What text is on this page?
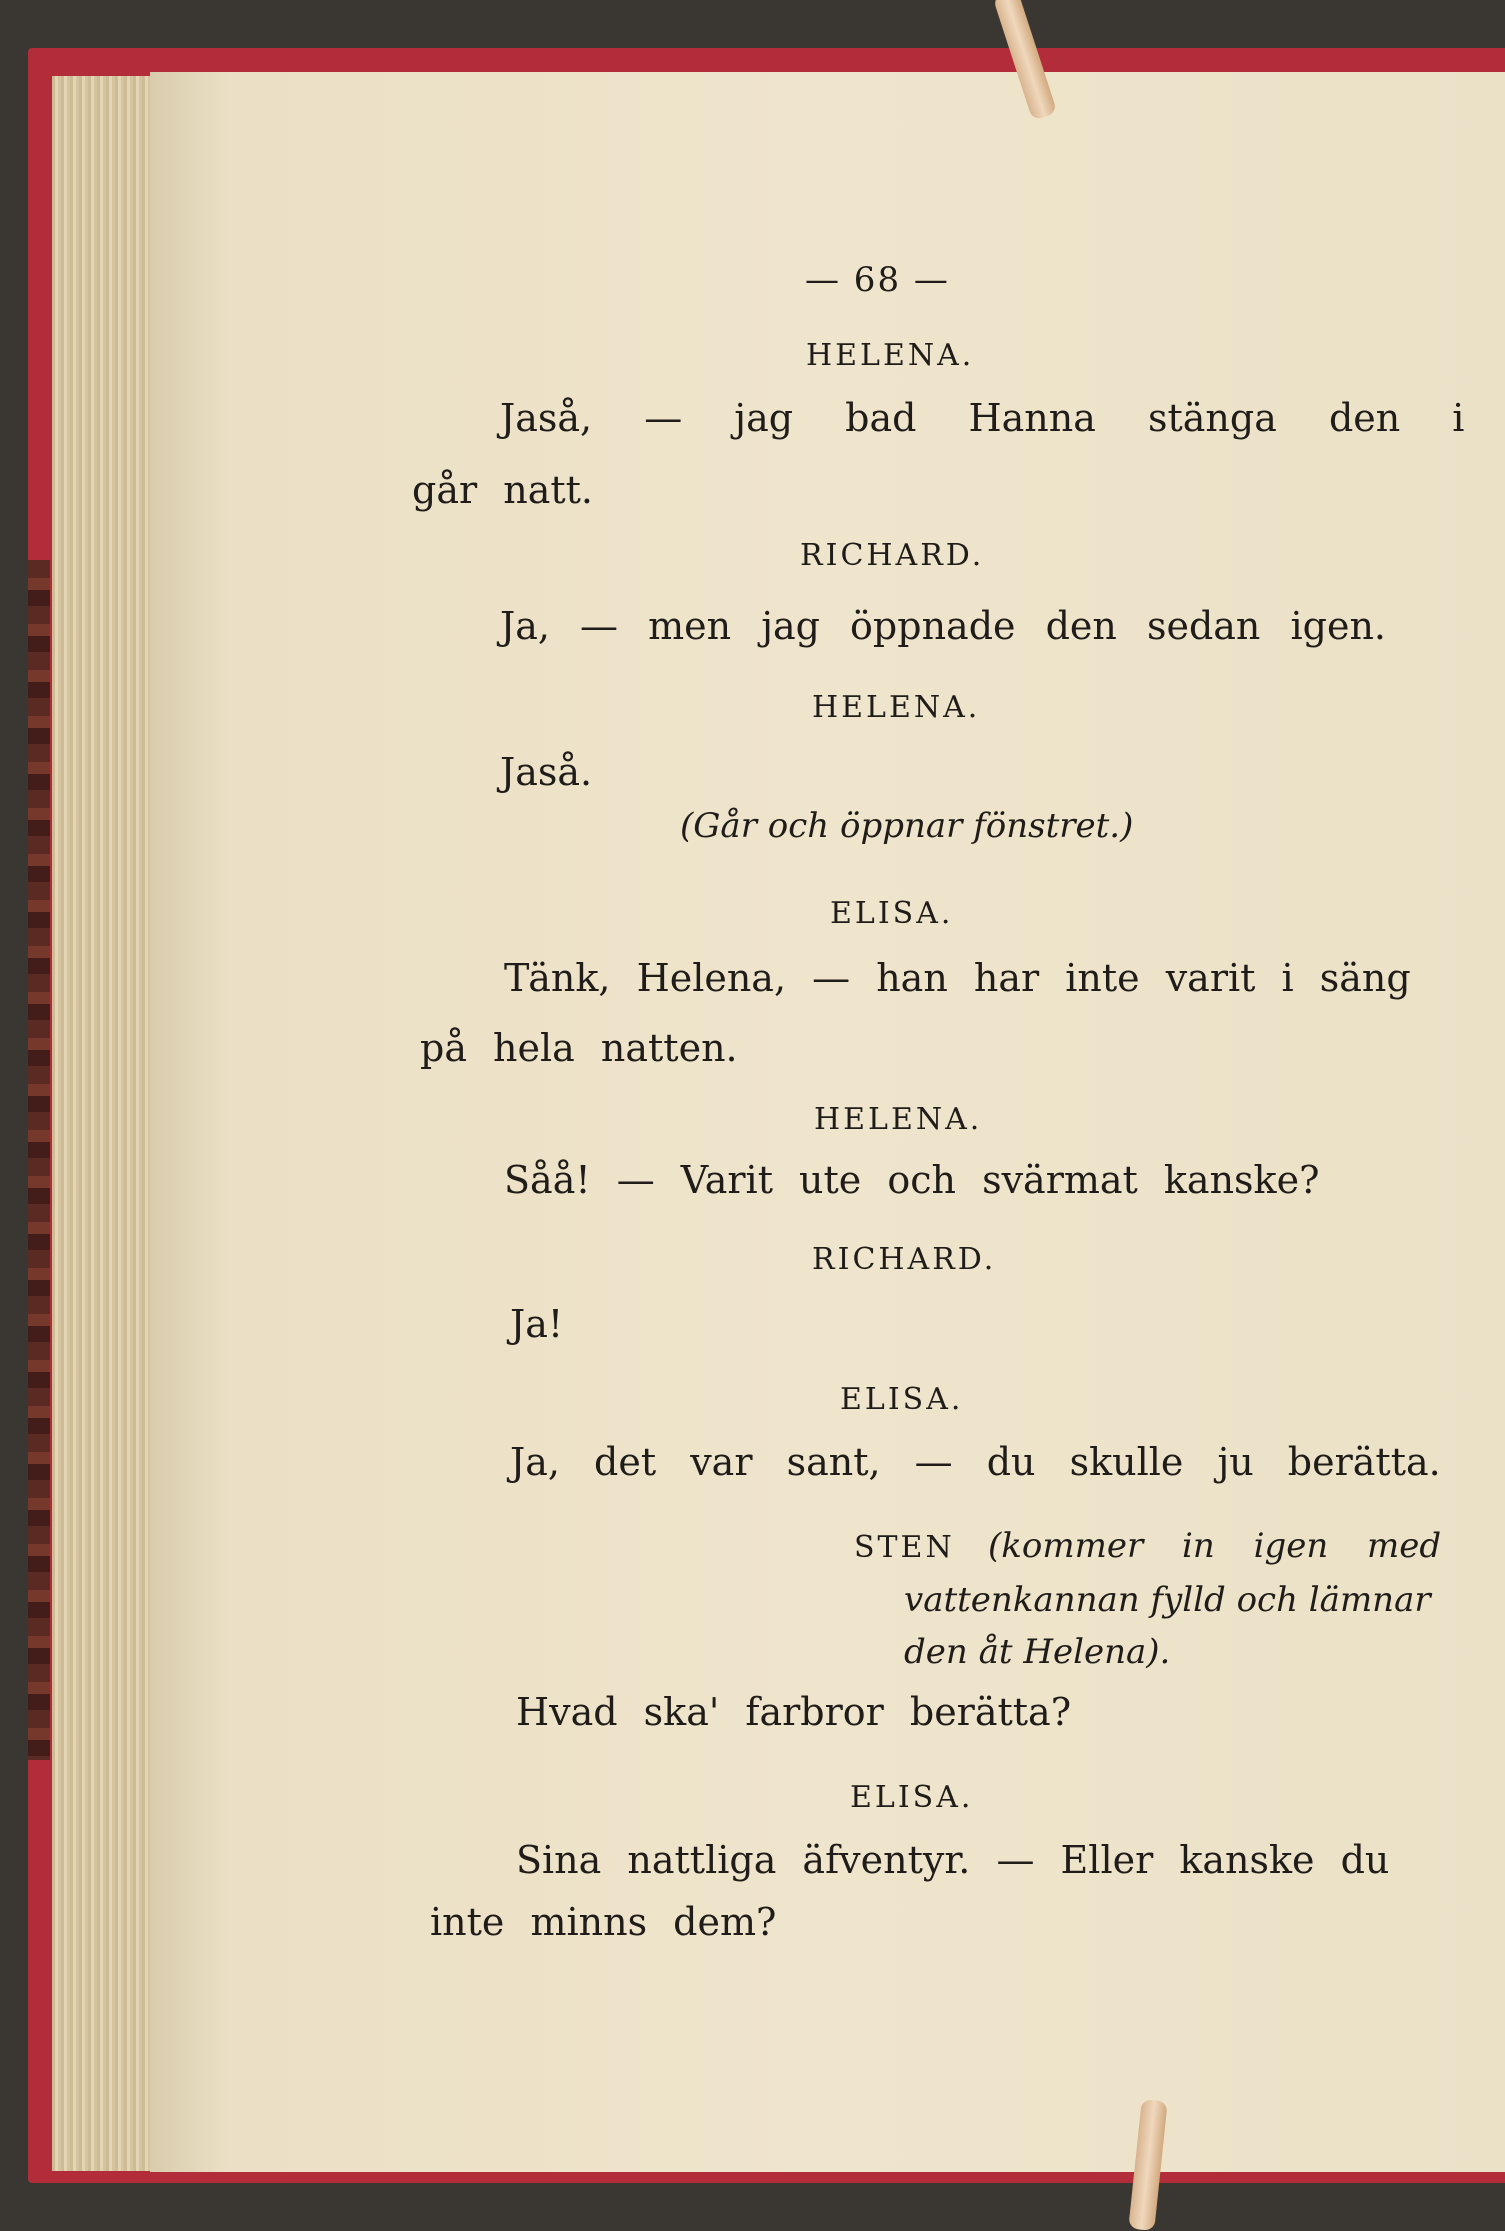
— 68 —
HELENA.
Jaså, — jag bad Hanna stänga den i
går natt.
RICHARD.
Ja, — men jag öppnade den sedan igen.
HELENA.
Jaså.
(Går och öppnar fönstret.)
ELISA.
Tänk, Helena, — han har inte varit i säng
på hela natten.
HELENA.
Såå! — Varit ute och svärmat kanske?
RICHARD.
Ja!
ELISA.
Ja, det var sant, — du skulle ju berätta.
STEN (kommer in igen med
vattenkannan fylld och lämnar
den åt Helena).
Hvad ska' farbror berätta?
ELISA.
Sina nattliga äfventyr. — Eller kanske du
inte minns dem?
